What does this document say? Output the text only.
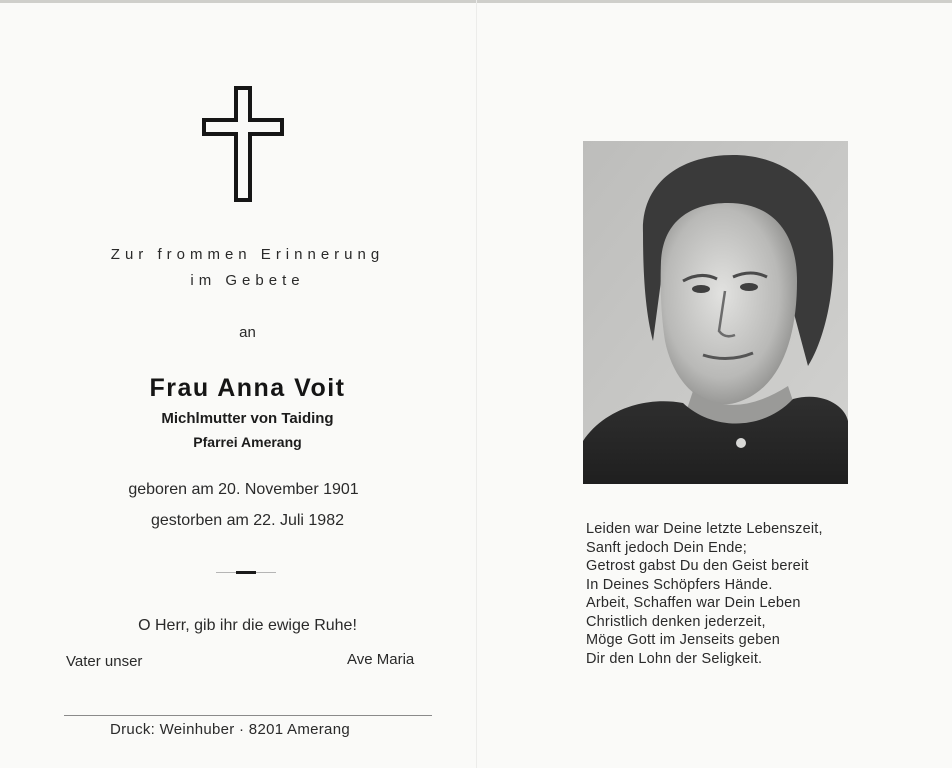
Zur frommen Erinnerung
im Gebete
an
Frau Anna Voit
Michlmutter von Taiding
Pfarrei Amerang
geboren am 20. November 1901
gestorben am 22. Juli 1982
O Herr, gib ihr die ewige Ruhe!
Vater unser	Ave Maria
Druck: Weinhuber · 8201 Amerang
Leiden war Deine letzte Lebenszeit,
Sanft jedoch Dein Ende;
Getrost gabst Du den Geist bereit
In Deines Schöpfers Hände.
Arbeit, Schaffen war Dein Leben
Christlich denken jederzeit,
Möge Gott im Jenseits geben
Dir den Lohn der Seligkeit.
